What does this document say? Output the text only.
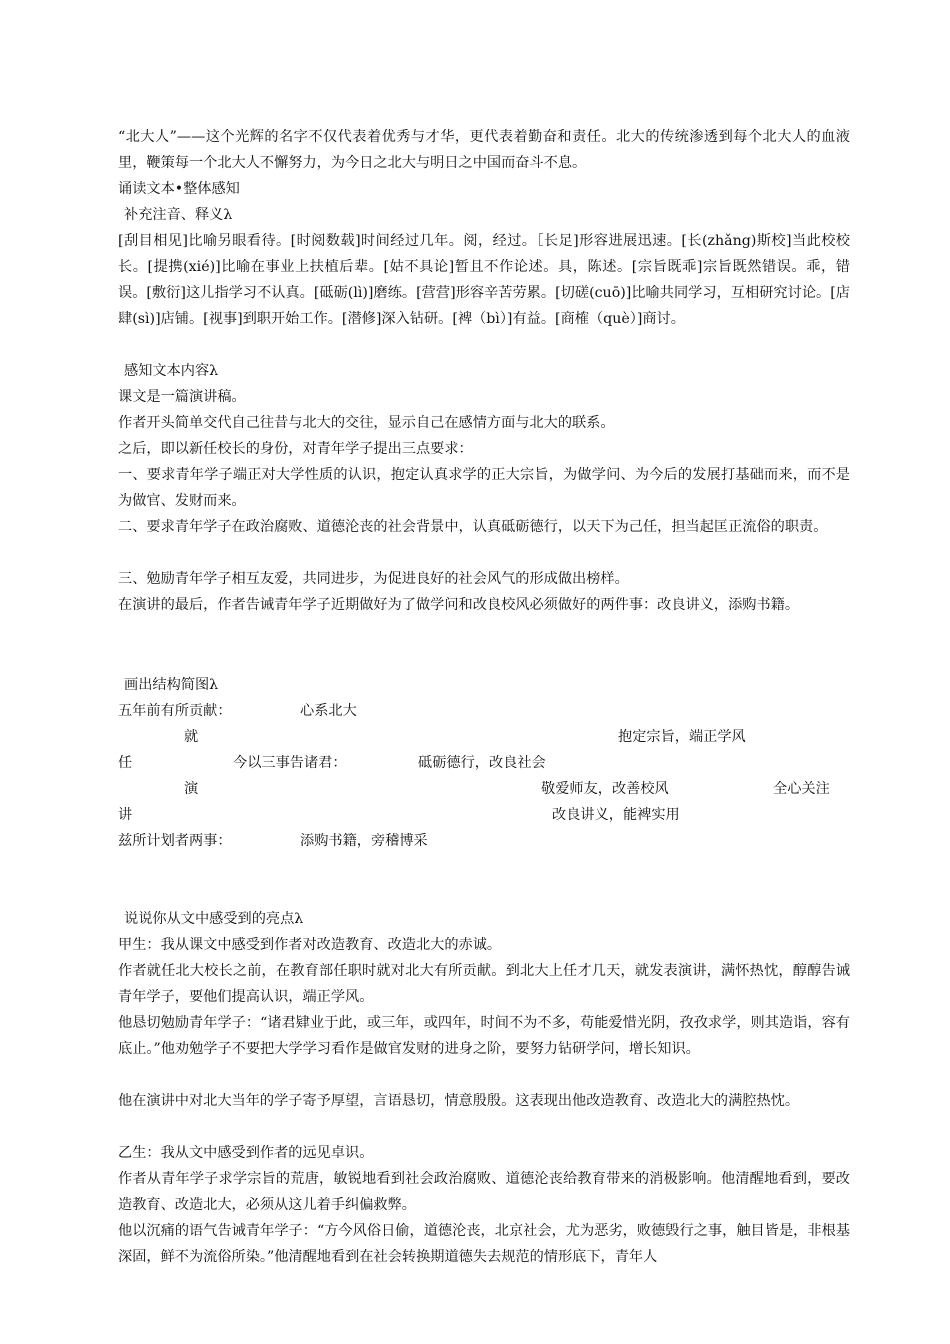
“北大人”——这个光辉的名字不仅代表着优秀与才华，更代表着勤奋和责任。北大的传统渗透到每个北大人的血液里，鞭策每一个北大人不懈努力，为今日之北大与明日之中国而奋斗不息。
诵读文本•整体感知
补充注音、释义λ
[刮目相见]比喻另眼看待。[时阅数载]时间经过几年。阅，经过。［长足]形容进展迅速。[长(zhǎng)斯校]当此校校长。[提携(xié)]比喻在事业上扶植后辈。[姑不具论]暂且不作论述。具，陈述。[宗旨既乖]宗旨既然错误。乖，错误。[敷衍]这儿指学习不认真。[砥砺(lì)]磨练。[营营]形容辛苦劳累。[切磋(cuō)]比喻共同学习，互相研究讨论。[店肆(sì)]店铺。[视事]到职开始工作。[潜修]深入钻研。[裨（bì）]有益。[商榷（què）]商讨。
感知文本内容λ
课文是一篇演讲稿。
作者开头简单交代自己往昔与北大的交往，显示自己在感情方面与北大的联系。
之后，即以新任校长的身份，对青年学子提出三点要求：
一、要求青年学子端正对大学性质的认识，抱定认真求学的正大宗旨，为做学问、为今后的发展打基础而来，而不是为做官、发财而来。
二、要求青年学子在政治腐败、道德沦丧的社会背景中，认真砥砺德行，以天下为己任，担当起匡正流俗的职责。
三、勉励青年学子相互友爱，共同进步，为促进良好的社会风气的形成做出榜样。
在演讲的最后，作者告诫青年学子近期做好为了做学问和改良校风必须做好的两件事：改良讲义，添购书籍。
画出结构简图λ
五年前有所贡献：	心系北大
就	抱定宗旨，端正学风
任	今以三事告诸君：	砥砺德行，改良社会
演	敬爱师友，改善校风	全心关注
讲	改良讲义，能裨实用
兹所计划者两事：	添购书籍，旁稽博采
说说你从文中感受到的亮点λ
甲生：我从课文中感受到作者对改造教育、改造北大的赤诚。
作者就任北大校长之前，在教育部任职时就对北大有所贡献。到北大上任才几天，就发表演讲，满怀热忱，醇醇告诫青年学子，要他们提高认识，端正学风。
他恳切勉励青年学子：“诸君肄业于此，或三年，或四年，时间不为不多，苟能爱惜光阴，孜孜求学，则其造诣，容有底止。”他劝勉学子不要把大学学习看作是做官发财的进身之阶，要努力钻研学问，增长知识。
他在演讲中对北大当年的学子寄予厚望，言语恳切，情意殷殷。这表现出他改造教育、改造北大的满腔热忱。
乙生：我从文中感受到作者的远见卓识。
作者从青年学子求学宗旨的荒唐，敏锐地看到社会政治腐败、道德沦丧给教育带来的消极影响。他清醒地看到，要改造教育、改造北大，必须从这儿着手纠偏救弊。
他以沉痛的语气告诫青年学子：“方今风俗日偷，道德沦丧，北京社会，尤为恶劣，败德毁行之事，触目皆是，非根基深固，鲜不为流俗所染。”他清醒地看到在社会转换期道德失去规范的情形底下，青年人
